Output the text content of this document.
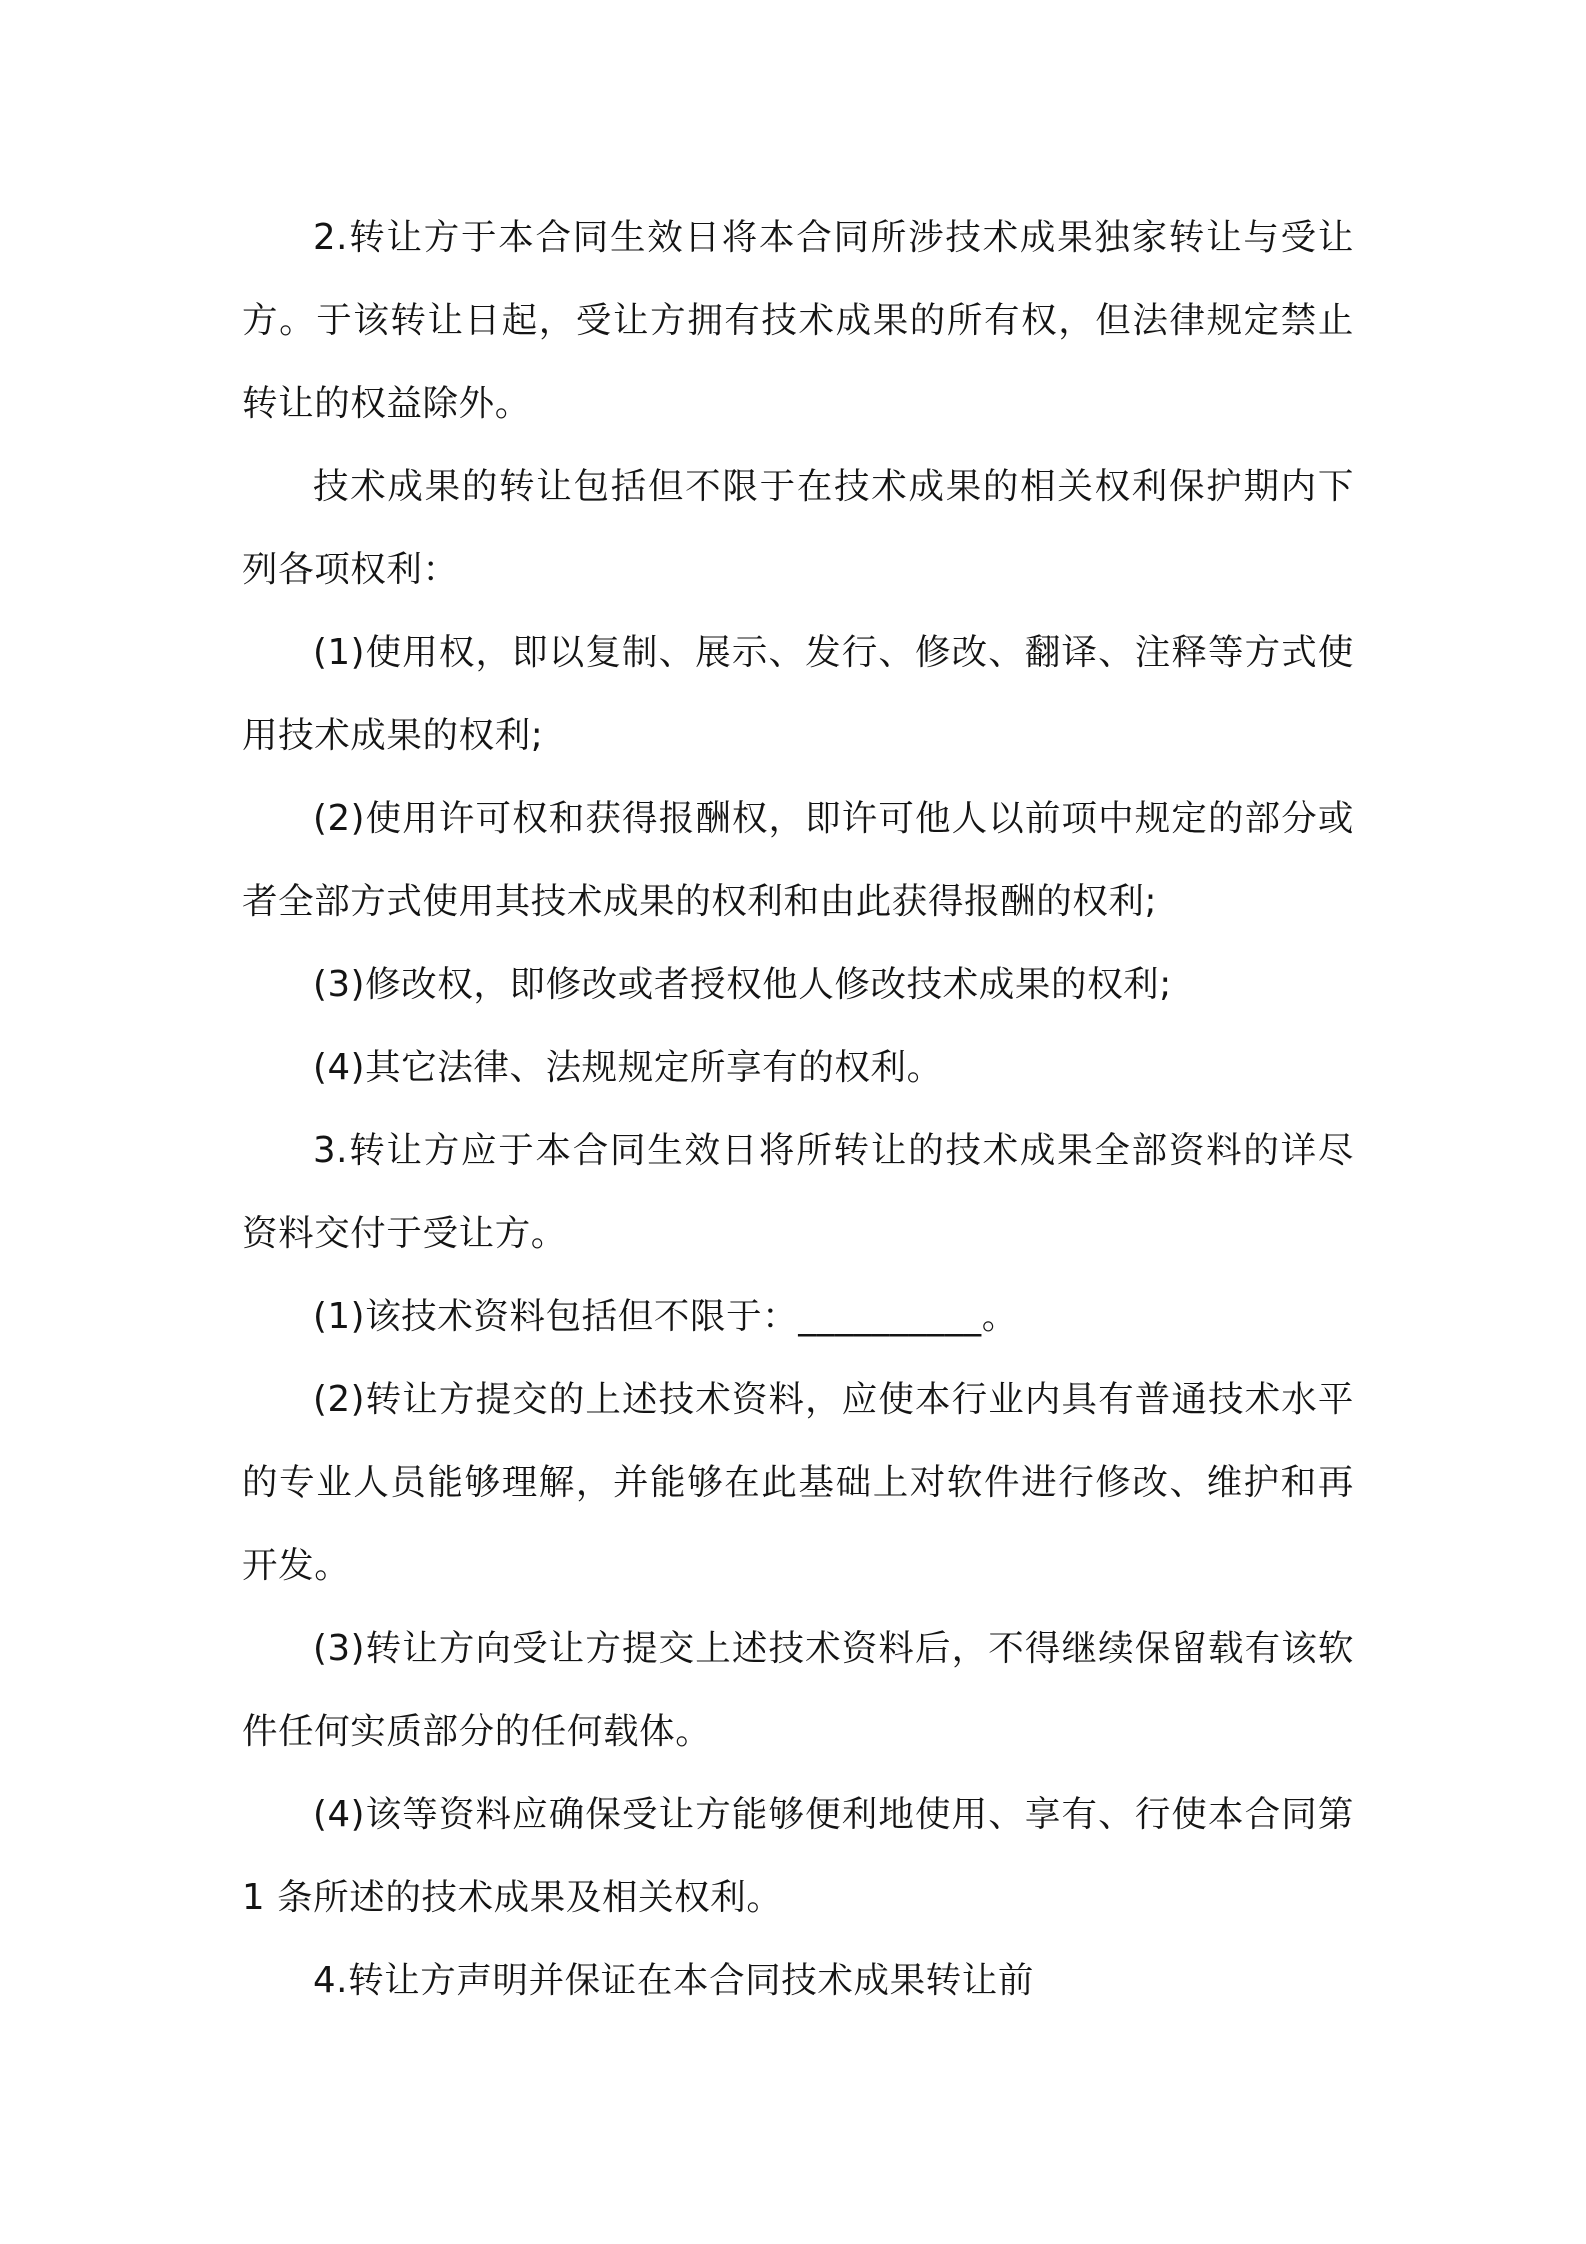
2.转让方于本合同生效日将本合同所涉技术成果独家转让与受让方。于该转让日起，受让方拥有技术成果的所有权，但法律规定禁止转让的权益除外。

技术成果的转让包括但不限于在技术成果的相关权利保护期内下列各项权利：

(1)使用权，即以复制、展示、发行、修改、翻译、注释等方式使用技术成果的权利;

(2)使用许可权和获得报酬权，即许可他人以前项中规定的部分或者全部方式使用其技术成果的权利和由此获得报酬的权利;

(3)修改权，即修改或者授权他人修改技术成果的权利;

(4)其它法律、法规规定所享有的权利。

3.转让方应于本合同生效日将所转让的技术成果全部资料的详尽资料交付于受让方。

(1)该技术资料包括但不限于：__________。

(2)转让方提交的上述技术资料，应使本行业内具有普通技术水平的专业人员能够理解，并能够在此基础上对软件进行修改、维护和再开发。

(3)转让方向受让方提交上述技术资料后，不得继续保留载有该软件任何实质部分的任何载体。

(4)该等资料应确保受让方能够便利地使用、享有、行使本合同第 1 条所述的技术成果及相关权利。

4.转让方声明并保证在本合同技术成果转让前
